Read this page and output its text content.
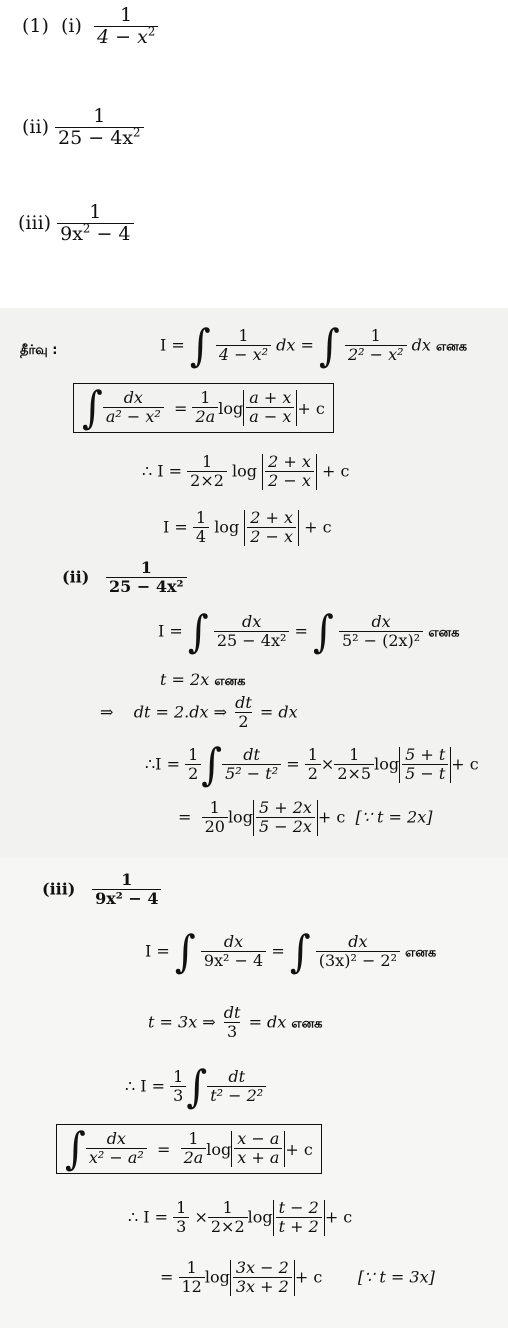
(1) $(i) \frac{1}{4 - x^2}$
$(ii) \frac{1}{25 - 4x^2}$
$(iii) \frac{1}{9x^2 - 4}$
தீர்வு :	I = ∫ $\frac{1}{\text{4 − x²}}$ dx = ∫ $\frac{1}{\text{2² − x²}}$ dx எனக
∫ $\frac{dx}{\text{a² − x²}}$
=
$\frac{1}{2a}$ $\log \frac{a + x}{a - x} + c$
∴ $I = \frac{1}{2\times 2}$ $\log \frac{2 + x}{2 - x} + c$
$I = \frac{1}{4}$ $\log \frac{2 + x}{2 - x} + c$
$(ii) \frac{1}{\text{25 − 4x²}}$
I = ∫ $\frac{dx}{\text{25 − 4x²}}$ = ∫ $\frac{dx}{\text{5² − (2x)²}}$ எனக
t = 2x எனக
⇒ dt = 2.dx ⇒ $\frac{dt}{2}$ = dx
∴I = $\frac{1}{2}$ ∫ $\frac{dt}{\text{5² − t²}} = \frac{1}{2} \times \frac{1}{2\times 5}$ $\log \frac{5 + t}{5 - t} + c$
= $\frac{1}{20}$ $\log \frac{5 + 2x}{5 - 2x} + c$ [∵ t = 2x]
$(iii) \frac{1}{\text{9x² − 4}}$
I = ∫ $\frac{dx}{\text{9x² − 4}}$ = ∫ $\frac{dx}{\text{(3x)² − 2²}}$ எனக
t = 3x ⇒ $\frac{dt}{3}$ = dx எனக
∴ $I = \frac{1}{3}$ ∫ $\frac{dt}{\text{t² − 2²}}$
∫ $\frac{dx}{\text{x² − a²}}$
=
$\frac{1}{2a}$ $\log \frac{x - a}{x + a} + c$
∴ $I = \frac{1}{3} \times \frac{1}{2\times 2}$ $\log \frac{t - 2}{t + 2} + c$
= $\frac{1}{12}$ $\log \frac{3x - 2}{3x + 2} + c$ [∵ t = 3x]
